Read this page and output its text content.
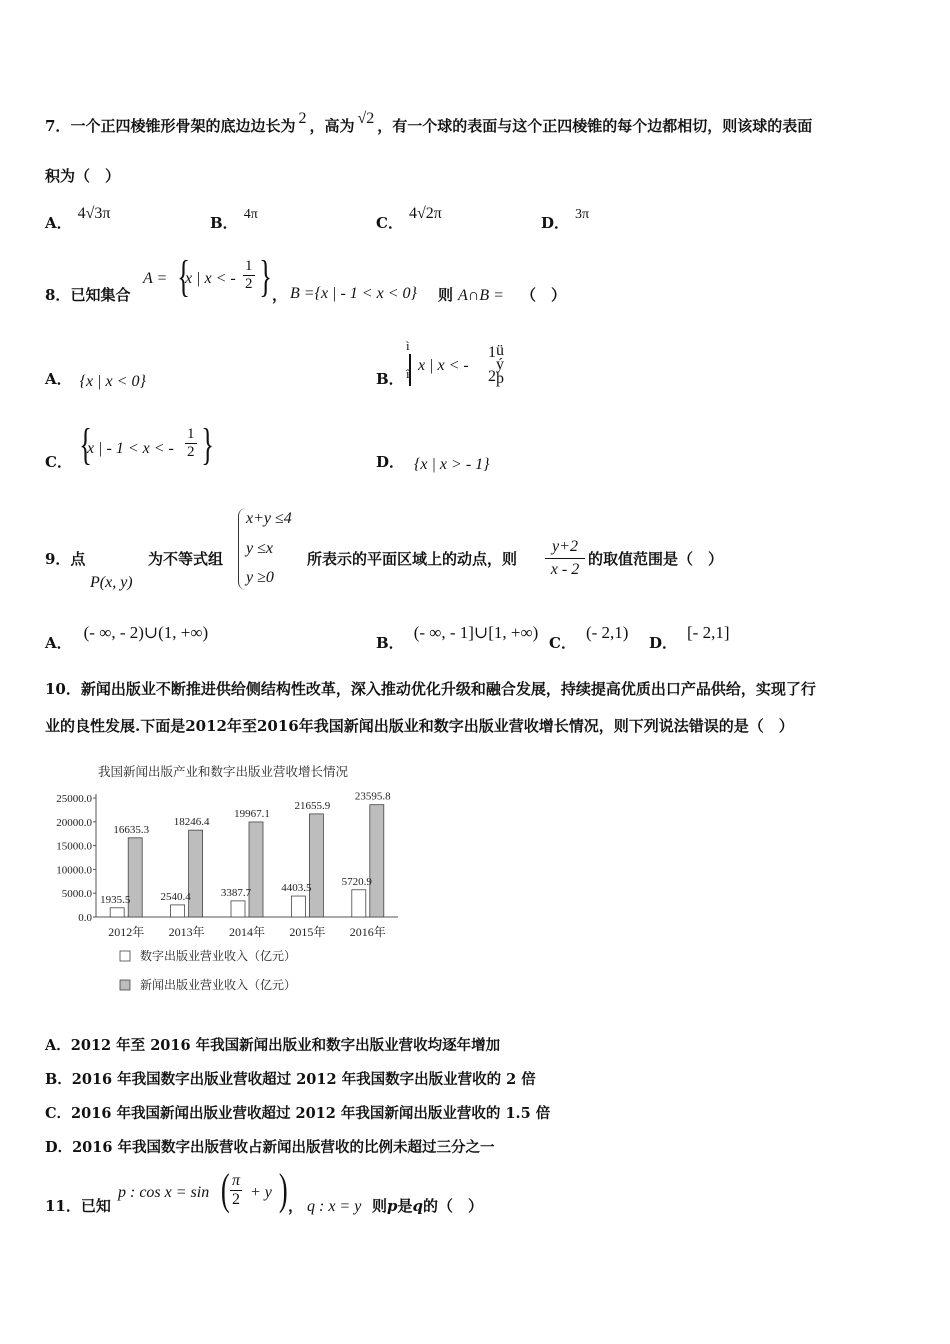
7．一个正四棱锥形骨架的底边边长为 2 ，高为 √2 ，有一个球的表面与这个正四棱锥的每个边都相切，则该球的表面
积为（　）
A．4√3π
B． 4π	C．4√2π
D． 3π
8．已知集合
A = {
x | x < - $\frac{1}{2}$ } ， B ={x | - 1 < x < 0} 则 A∩B = （　）
A． {x | x < 0}	B．
ì
î x | x < -
1
2
ü
ý
þ
C． {
x | - 1 < x < - $\frac{1}{2}$ }	D． {x | x > - 1}
9．点
P(x, y)
为不等式组
x+y ≤4
y ≤x
y ≥0
所表示的平面区域上的动点，则 $\frac{y+2}{x - 2}$ 的取值范围是（　）
A．(- ∞, - 2)∪(1, +∞)
B．(- ∞, - 1]∪[1, +∞)
C．(- 2,1)
D．[- 2,1]
10．新闻出版业不断推进供给侧结构性改革，深入推动优化升级和融合发展，持续提高优质出口产品供给，实现了行
业的良性发展.下面是2012年至2016年我国新闻出版业和数字出版业营收增长情况，则下列说法错误的是（　）
我国新闻出版产业和数字出版业营收增长情况
25000.0
20000.0
15000.0
10000.0
5000.0
0.0
1935.5
16635.3
2012年
2540.4
18246.4
2013年
3387.7
19967.1
2014年
4403.5
21655.9
2015年
5720.9
23595.8
2016年
数字出版业营业收入（亿元）
新闻出版业营业收入（亿元）
A．2012 年至 2016 年我国新闻出版业和数字出版业营收均逐年增加
B．2016 年我国数字出版业营收超过 2012 年我国数字出版业营收的 2 倍
C．2016 年我国新闻出版业营收超过 2012 年我国新闻出版业营收的 1.5 倍
D．2016 年我国数字出版营收占新闻出版营收的比例未超过三分之一
11．已知
p : cos x = sin ( $\frac{\pi}{2} + y$ ) ， q : x = y 则p是q的（　）
